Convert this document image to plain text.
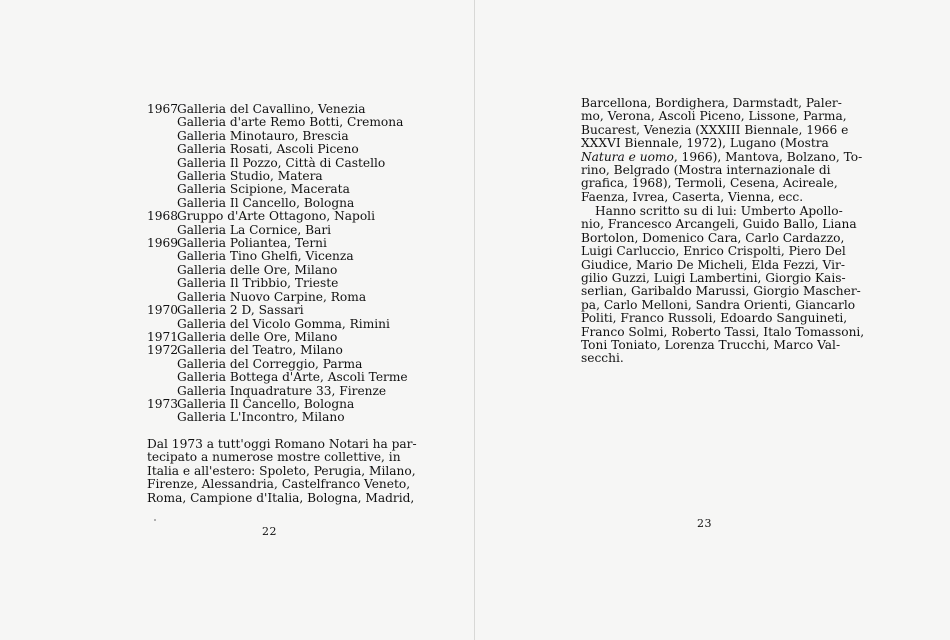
1967
Galleria del Cavallino, Venezia
Galleria d'arte Remo Botti, Cremona
Galleria Minotauro, Brescia
Galleria Rosati, Ascoli Piceno
Galleria Il Pozzo, Città di Castello
Galleria Studio, Matera
Galleria Scipione, Macerata
Galleria Il Cancello, Bologna
1968
Gruppo d'Arte Ottagono, Napoli
Galleria La Cornice, Bari
1969
Galleria Poliantea, Terni
Galleria Tino Ghelfi, Vicenza
Galleria delle Ore, Milano
Galleria Il Tribbio, Trieste
Galleria Nuovo Carpine, Roma
1970
Galleria 2 D, Sassari
Galleria del Vicolo Gomma, Rimini
1971
Galleria delle Ore, Milano
1972
Galleria del Teatro, Milano
Galleria del Correggio, Parma
Galleria Bottega d'Arte, Ascoli Terme
Galleria Inquadrature 33, Firenze
1973
Galleria Il Cancello, Bologna
Galleria L'Incontro, Milano
Dal 1973 a tutt'oggi Romano Notari ha par-
tecipato a numerose mostre collettive, in
Italia e all'estero: Spoleto, Perugia, Milano,
Firenze, Alessandria, Castelfranco Veneto,
Roma, Campione d'Italia, Bologna, Madrid,
22
Barcellona, Bordighera, Darmstadt, Paler-
mo, Verona, Ascoli Piceno, Lissone, Parma,
Bucarest, Venezia (XXXIII Biennale, 1966 e
XXXVI Biennale, 1972), Lugano (Mostra
Natura e uomo, 1966), Mantova, Bolzano, To-
rino, Belgrado (Mostra internazionale di
grafica, 1968), Termoli, Cesena, Acireale,
Faenza, Ivrea, Caserta, Vienna, ecc.
Hanno scritto su di lui: Umberto Apollo-
nio, Francesco Arcangeli, Guido Ballo, Liana
Bortolon, Domenico Cara, Carlo Cardazzo,
Luigi Carluccio, Enrico Crispolti, Piero Del
Giudice, Mario De Micheli, Elda Fezzi, Vir-
gilio Guzzi, Luigi Lambertini, Giorgio Kais-
serlian, Garibaldo Marussi, Giorgio Mascher-
pa, Carlo Melloni, Sandra Orienti, Giancarlo
Politi, Franco Russoli, Edoardo Sanguineti,
Franco Solmi, Roberto Tassi, Italo Tomassoni,
Toni Toniato, Lorenza Trucchi, Marco Val-
secchi.
23
